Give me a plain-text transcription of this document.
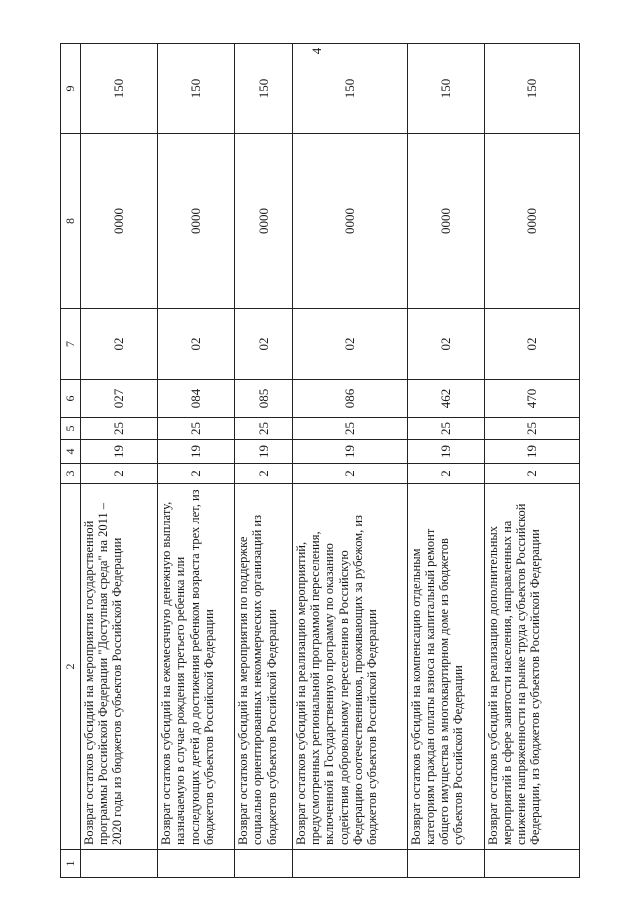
4
1	2	3	4	5	6	7	8	9
	Возврат остатков субсидий на мероприятия государственной программы Российской Федерации "Доступная среда" на 2011 – 2020 годы из бюджетов субъектов Российской Федерации	2	19	25	027	02	0000	150
	Возврат остатков субсидий на ежемесячную денежную выплату, назначаемую в случае рождения третьего ребенка или последующих детей до достижения ребенком возраста трех лет, из бюджетов субъектов Российской Федерации	2	19	25	084	02	0000	150
	Возврат остатков субсидий на мероприятия по поддержке социально ориентированных некоммерческих организаций из бюджетов субъектов Российской Федерации	2	19	25	085	02	0000	150
	Возврат остатков субсидий на реализацию мероприятий, предусмотренных региональной программой переселения, включенной в Государственную программу по оказанию содействия добровольному переселению в Российскую Федерацию соотечественников, проживающих за рубежом, из бюджетов субъектов Российской Федерации	2	19	25	086	02	0000	150
	Возврат остатков субсидий на компенсацию отдельным категориям граждан оплаты взноса на капитальный ремонт общего имущества в многоквартирном доме из бюджетов субъектов Российской Федерации	2	19	25	462	02	0000	150
	Возврат остатков субсидий на реализацию дополнительных мероприятий в сфере занятости населения, направленных на снижение напряженности на рынке труда субъектов Российской Федерации, из бюджетов субъектов Российской Федерации	2	19	25	470	02	0000	150
